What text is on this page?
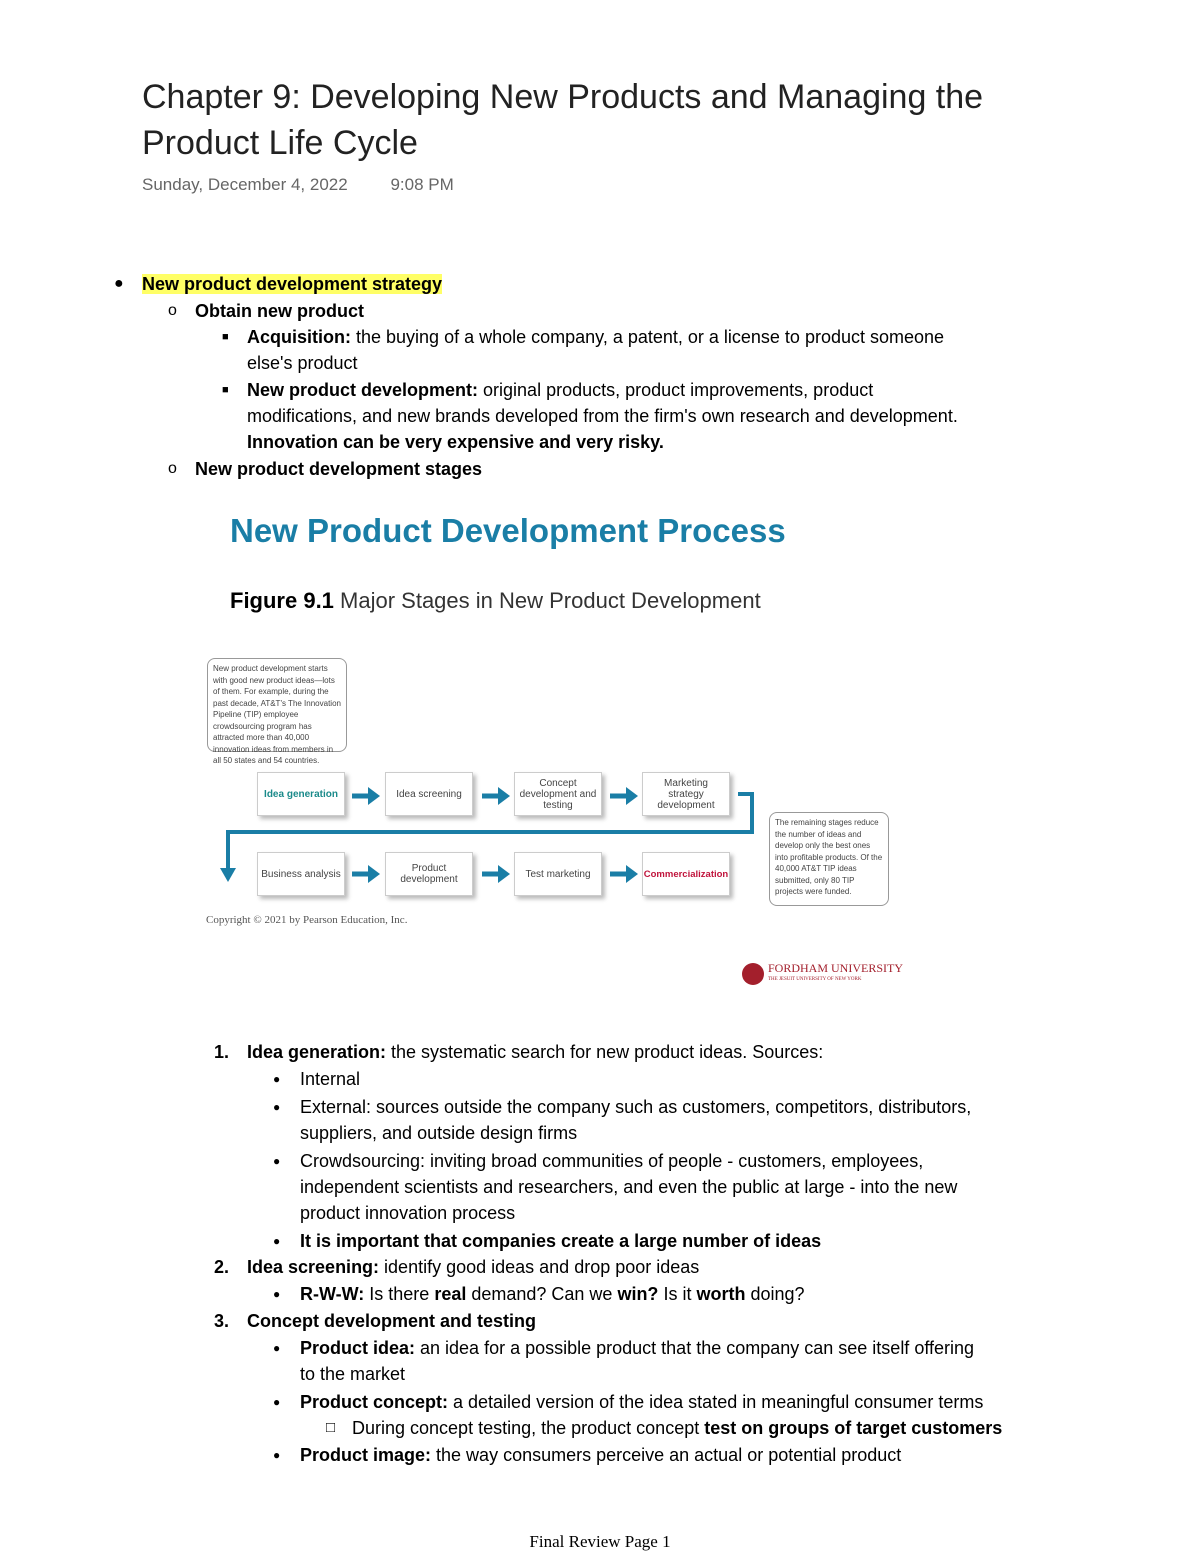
Chapter 9: Developing New Products and Managing the Product Life Cycle
Sunday, December 4, 2022	9:08 PM
● New product development strategy
o Obtain new product
■ Acquisition: the buying of a whole company, a patent, or a license to product someone
else's product
■ New product development: original products, product improvements, product
modifications, and new brands developed from the firm's own research and development.
Innovation can be very expensive and very risky.
o New product development stages
New Product Development Process
Figure 9.1 Major Stages in New Product Development
New product development starts with good new product ideas—lots of them. For example, during the past decade, AT&T's The Innovation Pipeline (TIP) employee crowdsourcing program has attracted more than 40,000 innovation ideas from members in all 50 states and 54 countries.
The remaining stages reduce the number of ideas and develop only the best ones into profitable products. Of the 40,000 AT&T TIP ideas submitted, only 80 TIP projects were funded.
Idea generation	Idea screening
Concept development and testing
Marketing strategy development
Business analysis	Product development	Test marketing	Commercialization
Copyright © 2021 by Pearson Education, Inc.
FORDHAM UNIVERSITY
THE JESUIT UNIVERSITY OF NEW YORK
1. Idea generation: the systematic search for new product ideas. Sources:
● Internal
● External: sources outside the company such as customers, competitors, distributors,
suppliers, and outside design firms
● Crowdsourcing: inviting broad communities of people - customers, employees,
independent scientists and researchers, and even the public at large - into the new
product innovation process
● It is important that companies create a large number of ideas
2. Idea screening: identify good ideas and drop poor ideas
● R-W-W: Is there real demand? Can we win? Is it worth doing?
3. Concept development and testing
● Product idea: an idea for a possible product that the company can see itself offering
to the market
● Product concept: a detailed version of the idea stated in meaningful consumer terms
□ During concept testing, the product concept test on groups of target customers
● Product image: the way consumers perceive an actual or potential product
Final Review Page 1
